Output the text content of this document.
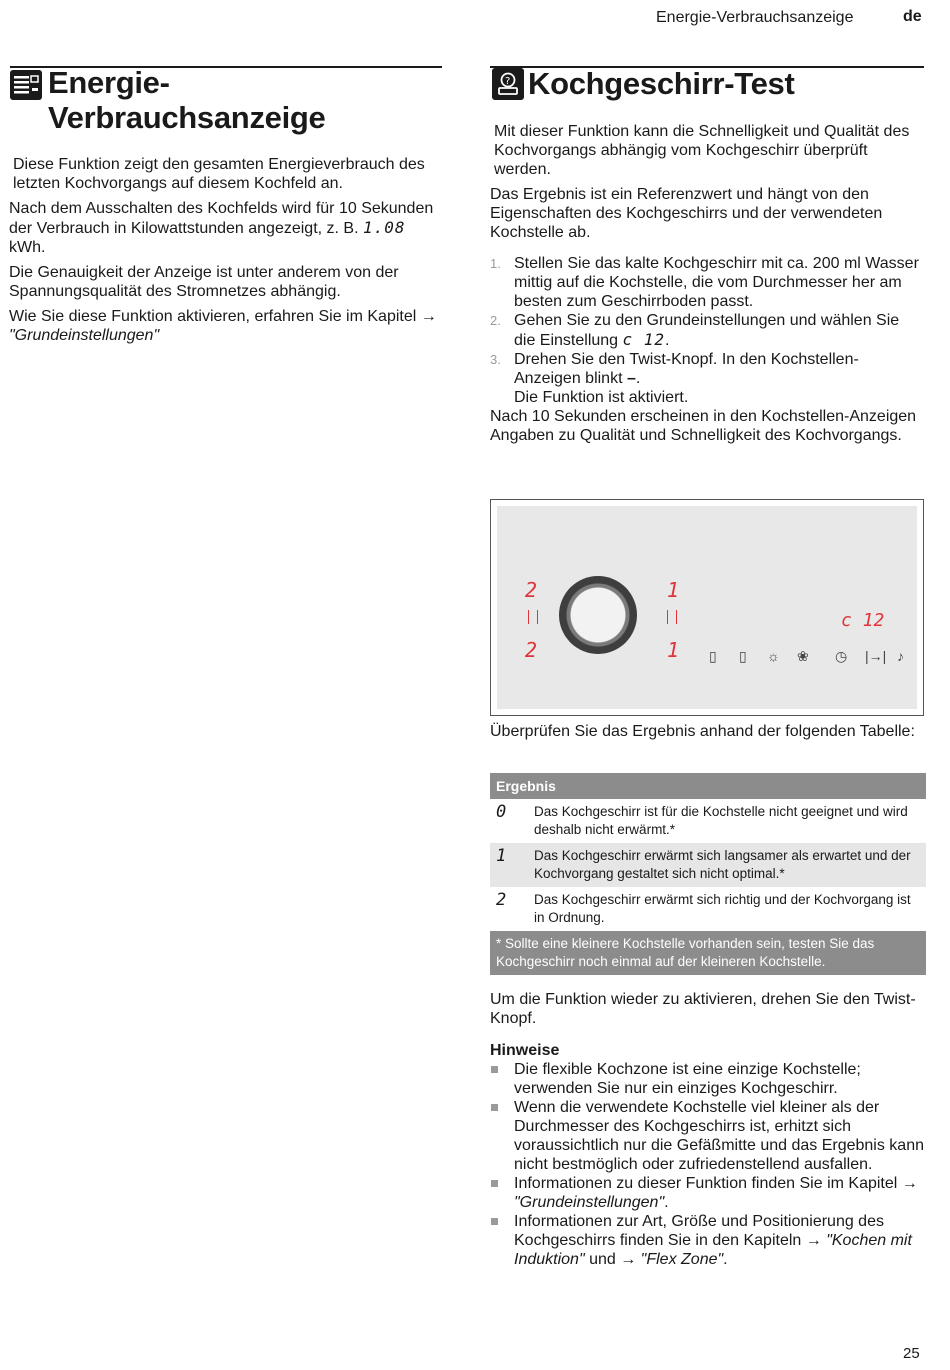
Energie-Verbrauchsanzeige	de
Energie-
Verbrauchsanzeige

Diese Funktion zeigt den gesamten Energieverbrauch des letzten Kochvorgangs auf diesem Kochfeld an.

Nach dem Ausschalten des Kochfelds wird für 10 Sekunden der Verbrauch in Kilowattstunden angezeigt, z. B. 1.08 kWh.

Die Genauigkeit der Anzeige ist unter anderem von der Spannungsqualität des Stromnetzes abhängig.

Wie Sie diese Funktion aktivieren, erfahren Sie im Kapitel → "Grundeinstellungen"

? Kochgeschirr-Test

Mit dieser Funktion kann die Schnelligkeit und Qualität des Kochvorgangs abhängig vom Kochgeschirr überprüft werden.

Das Ergebnis ist ein Referenzwert und hängt von den Eigenschaften des Kochgeschirrs und der verwendeten Kochstelle ab.

1. Stellen Sie das kalte Kochgeschirr mit ca. 200 ml Wasser mittig auf die Kochstelle, die vom Durchmesser her am besten zum Geschirrboden passt.
2. Gehen Sie zu den Grundeinstellungen und wählen Sie die Einstellung c 12.
3. Drehen Sie den Twist-Knopf. In den Kochstellen-Anzeigen blinkt –.
Die Funktion ist aktiviert.

Nach 10 Sekunden erscheinen in den Kochstellen-Anzeigen Angaben zu Qualität und Schnelligkeit des Kochvorgangs.

2
2
1
1
c 12
▯ ▯ ☼ ❀ ◷ |→| ♪

Überprüfen Sie das Ergebnis anhand der folgenden Tabelle:

Ergebnis	
0	Das Kochgeschirr ist für die Kochstelle nicht geeignet und wird deshalb nicht erwärmt.*
1	Das Kochgeschirr erwärmt sich langsamer als erwartet und der Kochvorgang gestaltet sich nicht optimal.*
2	Das Kochgeschirr erwärmt sich richtig und der Kochvorgang ist in Ordnung.
* Sollte eine kleinere Kochstelle vorhanden sein, testen Sie das Kochgeschirr noch einmal auf der kleineren Kochstelle.	

Um die Funktion wieder zu aktivieren, drehen Sie den Twist-Knopf.

Hinweise

Die flexible Kochzone ist eine einzige Kochstelle; verwenden Sie nur ein einziges Kochgeschirr.
Wenn die verwendete Kochstelle viel kleiner als der Durchmesser des Kochgeschirrs ist, erhitzt sich voraussichtlich nur die Gefäßmitte und das Ergebnis kann nicht bestmöglich oder zufriedenstellend ausfallen.
Informationen zu dieser Funktion finden Sie im Kapitel → "Grundeinstellungen".
Informationen zur Art, Größe und Positionierung des Kochgeschirrs finden Sie in den Kapiteln → "Kochen mit Induktion" und → "Flex Zone".
25
